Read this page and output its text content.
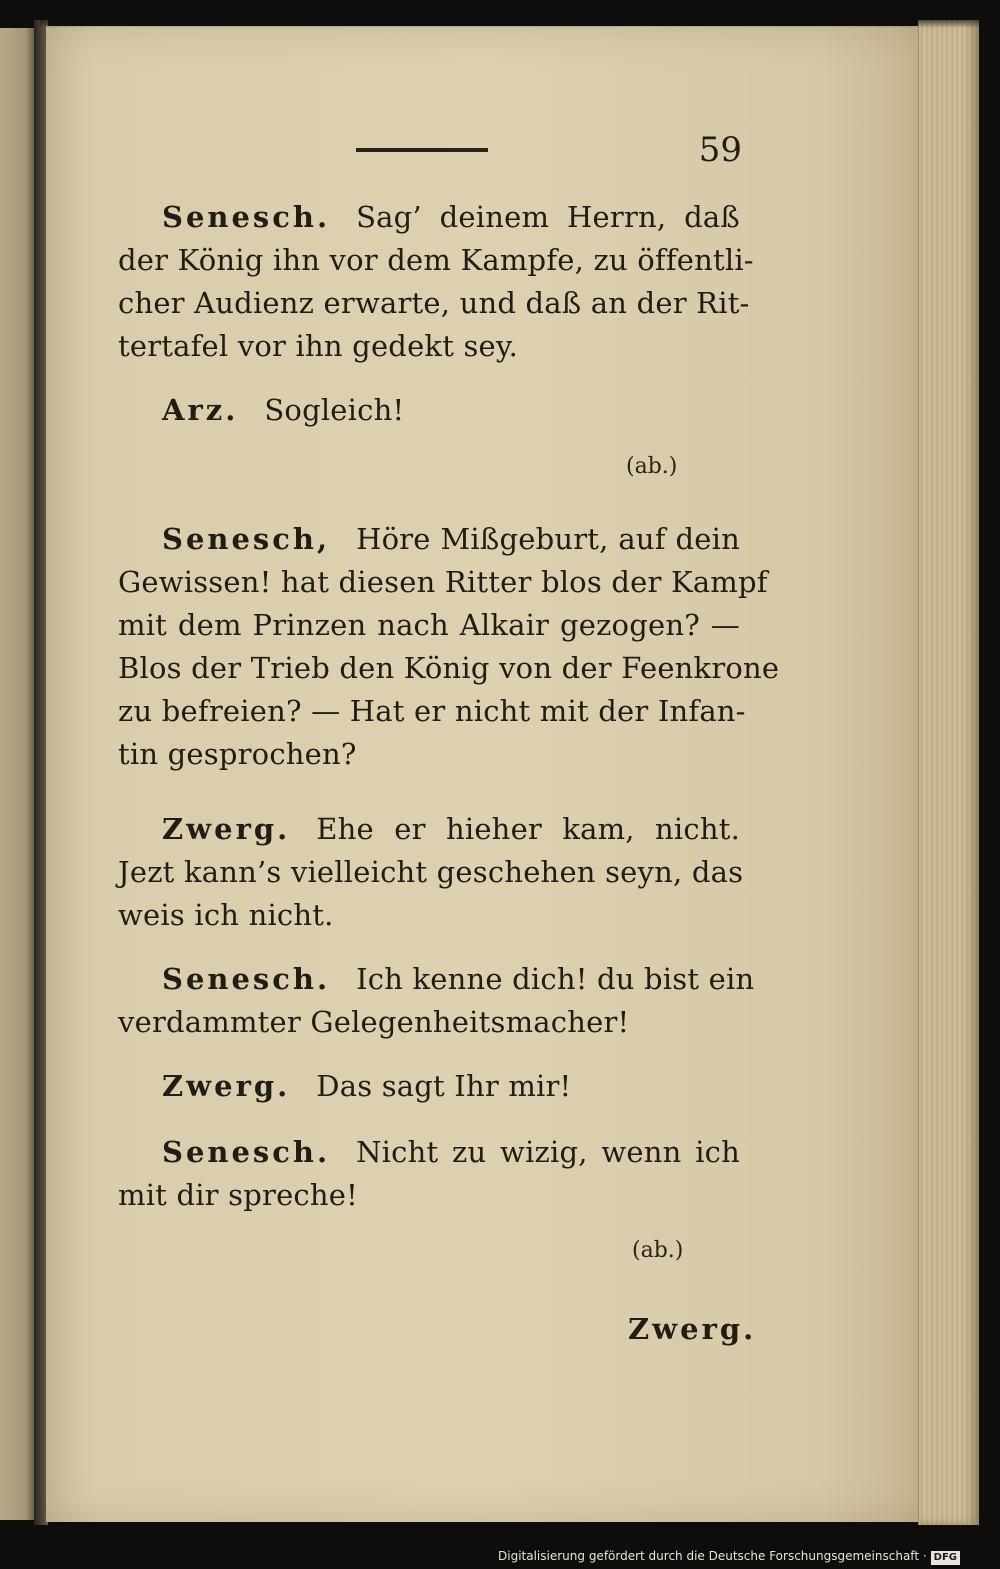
59
Senesch. Sag’ deinem Herrn, daß
der König ihn vor dem Kampfe, zu öffentli-
cher Audienz erwarte, und daß an der Rit-
tertafel vor ihn gedekt sey.
Arz. Sogleich!
(ab.)
Senesch, Höre Mißgeburt, auf dein
Gewissen! hat diesen Ritter blos der Kampf
mit dem Prinzen nach Alkair gezogen? —
Blos der Trieb den König von der Feenkrone
zu befreien? — Hat er nicht mit der Infan-
tin gesprochen?
Zwerg. Ehe er hieher kam, nicht.
Jezt kann’s vielleicht geschehen seyn, das
weis ich nicht.
Senesch. Ich kenne dich! du bist ein
verdammter Gelegenheitsmacher!
Zwerg. Das sagt Ihr mir!
Senesch. Nicht zu wizig, wenn ich
mit dir spreche!
(ab.)
Zwerg.
Digitalisierung gefördert durch die Deutsche Forschungsgemeinschaft · DFG
